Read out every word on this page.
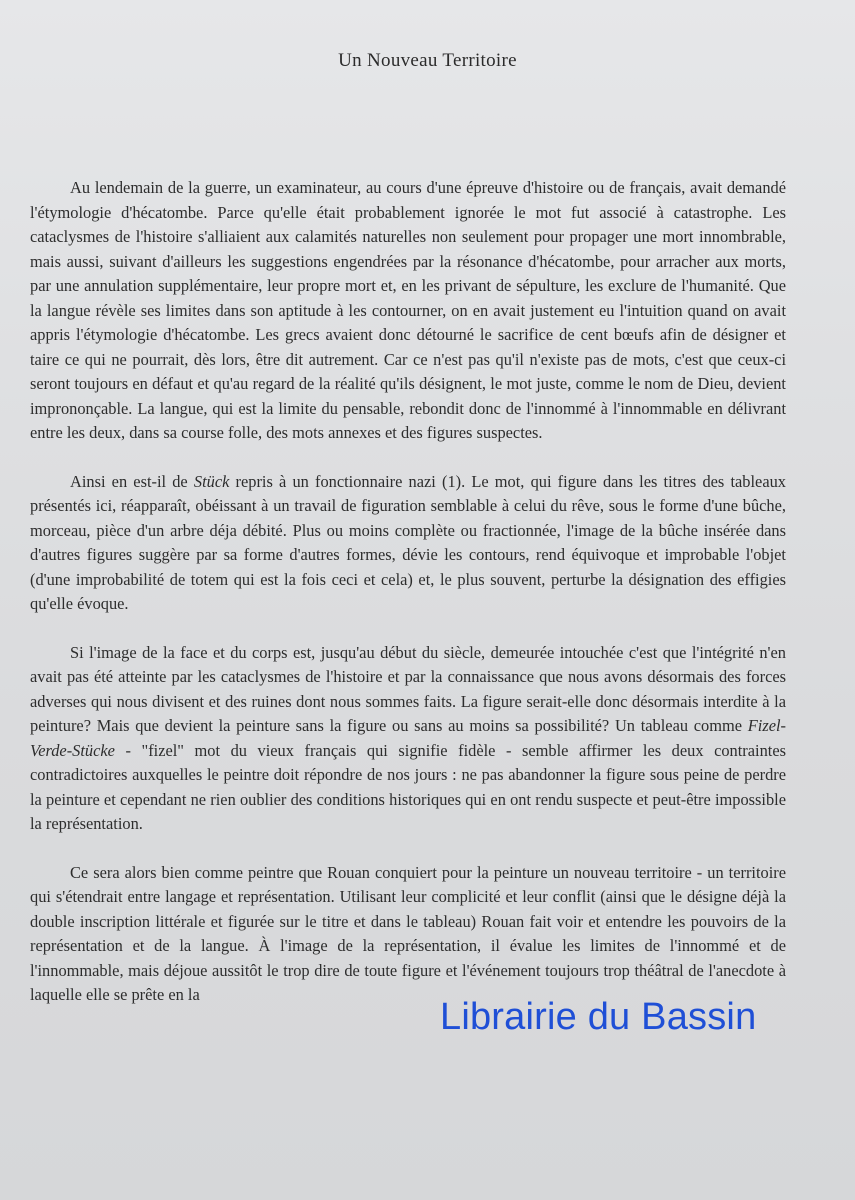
Un Nouveau Territoire

Au lendemain de la guerre, un examinateur, au cours d'une épreuve d'histoire ou de français, avait demandé l'étymologie d'hécatombe. Parce qu'elle était probablement ignorée le mot fut associé à catastrophe. Les cataclysmes de l'histoire s'alliaient aux calamités naturelles non seulement pour propager une mort innombrable, mais aussi, suivant d'ailleurs les suggestions engendrées par la résonance d'hécatombe, pour arracher aux morts, par une annulation supplémentaire, leur propre mort et, en les privant de sépulture, les exclure de l'humanité. Que la langue révèle ses limites dans son aptitude à les contourner, on en avait justement eu l'intuition quand on avait appris l'étymologie d'hécatombe. Les grecs avaient donc détourné le sacrifice de cent bœufs afin de désigner et taire ce qui ne pourrait, dès lors, être dit autrement. Car ce n'est pas qu'il n'existe pas de mots, c'est que ceux-ci seront toujours en défaut et qu'au regard de la réalité qu'ils désignent, le mot juste, comme le nom de Dieu, devient imprononçable. La langue, qui est la limite du pensable, rebondit donc de l'innommé à l'innommable en délivrant entre les deux, dans sa course folle, des mots annexes et des figures suspectes.

Ainsi en est-il de Stück repris à un fonctionnaire nazi (1). Le mot, qui figure dans les titres des tableaux présentés ici, réapparaît, obéissant à un travail de figuration semblable à celui du rêve, sous le forme d'une bûche, morceau, pièce d'un arbre déja débité. Plus ou moins complète ou fractionnée, l'image de la bûche insérée dans d'autres figures suggère par sa forme d'autres formes, dévie les contours, rend équivoque et improbable l'objet (d'une improbabilité de totem qui est la fois ceci et cela) et, le plus souvent, perturbe la désignation des effigies qu'elle évoque.

Si l'image de la face et du corps est, jusqu'au début du siècle, demeurée intouchée c'est que l'intégrité n'en avait pas été atteinte par les cataclysmes de l'histoire et par la connaissance que nous avons désormais des forces adverses qui nous divisent et des ruines dont nous sommes faits. La figure serait-elle donc désormais interdite à la peinture? Mais que devient la peinture sans la figure ou sans au moins sa possibilité? Un tableau comme Fizel-Verde-Stücke - "fizel" mot du vieux français qui signifie fidèle - semble affirmer les deux contraintes contradictoires auxquelles le peintre doit répondre de nos jours : ne pas abandonner la figure sous peine de perdre la peinture et cependant ne rien oublier des conditions historiques qui en ont rendu suspecte et peut-être impossible la représentation.

Ce sera alors bien comme peintre que Rouan conquiert pour la peinture un nouveau territoire - un territoire qui s'étendrait entre langage et représentation. Utilisant leur complicité et leur conflit (ainsi que le désigne déjà la double inscription littérale et figurée sur le titre et dans le tableau) Rouan fait voir et entendre les pouvoirs de la représentation et de la langue. À l'image de la représentation, il évalue les limites de l'innommé et de l'innommable, mais déjoue aussitôt le trop dire de toute figure et l'événement toujours trop théâtral de l'anecdote à laquelle elle se prête en la

Librairie du Bassin
